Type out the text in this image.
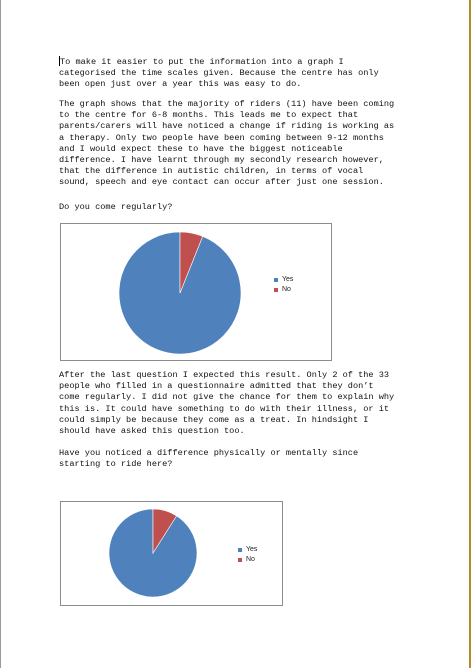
To make it easier to put the information into a graph I
categorised the time scales given. Because the centre has only
been open just over a year this was easy to do.

The graph shows that the majority of riders (11) have been coming
to the centre for 6-8 months. This leads me to expect that
parents/carers will have noticed a change if riding is working as
a therapy. Only two people have been coming between 9-12 months
and I would expect these to have the biggest noticeable
difference. I have learnt through my secondly research however,
that the difference in autistic children, in terms of vocal
sound, speech and eye contact can occur after just one session.

Do you come regularly?

Yes
No

After the last question I expected this result. Only 2 of the 33
people who filled in a questionnaire admitted that they don’t
come regularly. I did not give the chance for them to explain why
this is. It could have something to do with their illness, or it
could simply be because they come as a treat. In hindsight I
should have asked this question too.

Have you noticed a difference physically or mentally since
starting to ride here?

Yes
No
